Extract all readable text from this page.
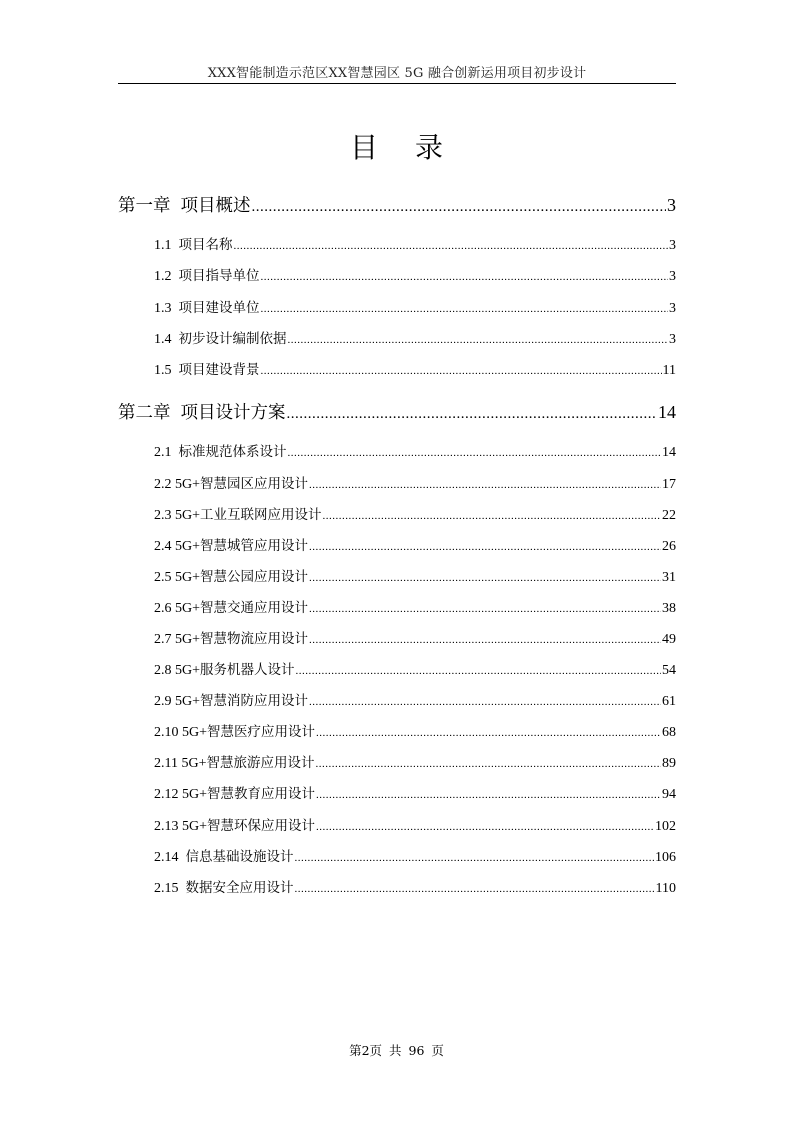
XXX智能制造示范区XX智慧园区 5G 融合创新运用项目初步设计
目 录
第一章 项目概述 .....	3
1.1 项目名称 .....	3
1.2 项目指导单位 .....	3
1.3 项目建设单位 .....	3
1.4 初步设计编制依据 .....	3
1.5 项目建设背景 .....	11
第二章 项目设计方案 .....	14
2.1 标准规范体系设计 .....	14
2.2 5G+ 智慧园区应用设计 .....	17
2.3 5G+ 工业互联网应用设计 .....	22
2.4 5G+ 智慧城管应用设计 .....	26
2.5 5G+ 智慧公园应用设计 .....	31
2.6 5G+ 智慧交通应用设计 .....	38
2.7 5G+ 智慧物流应用设计 .....	49
2.8 5G+ 服务机器人设计 .....	54
2.9 5G+ 智慧消防应用设计 .....	61
2.10 5G+ 智慧医疗应用设计 .....	68
2.11 5G+ 智慧旅游应用设计 .....	89
2.12 5G+ 智慧教育应用设计 .....	94
2.13 5G+ 智慧环保应用设计 .....	102
2.14 信息基础设施设计 .....	106
2.15 数据安全应用设计 .....	110
第2页 共 96 页
